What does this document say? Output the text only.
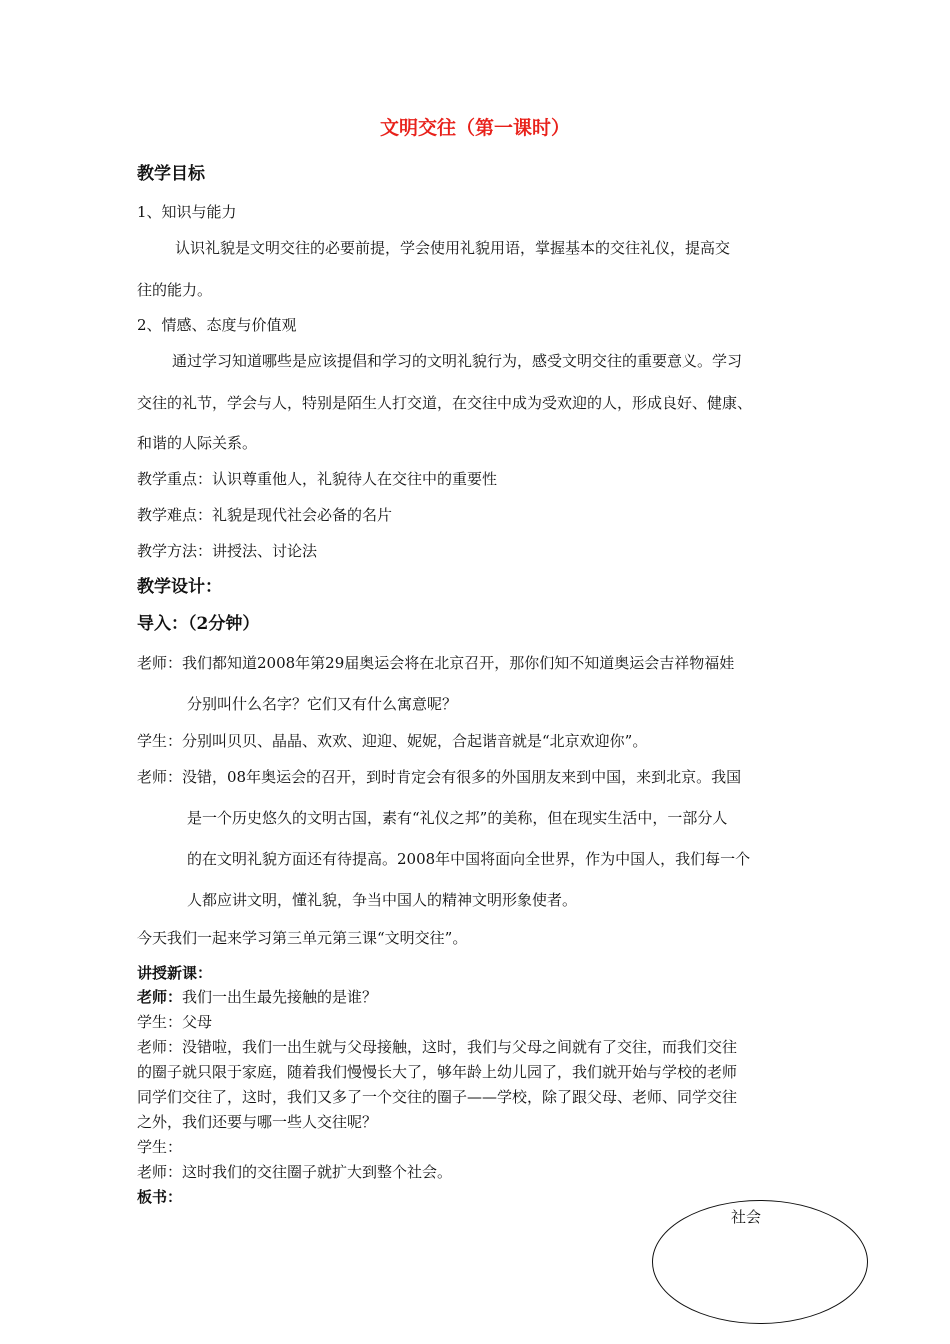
文明交往（第一课时）
教学目标
1、知识与能力
认识礼貌是文明交往的必要前提，学会使用礼貌用语，掌握基本的交往礼仪，提高交
往的能力。
2、情感、态度与价值观
通过学习知道哪些是应该提倡和学习的文明礼貌行为，感受文明交往的重要意义。学习
交往的礼节，学会与人，特别是陌生人打交道，在交往中成为受欢迎的人，形成良好、健康、
和谐的人际关系。
教学重点：认识尊重他人，礼貌待人在交往中的重要性
教学难点：礼貌是现代社会必备的名片
教学方法：讲授法、讨论法
教学设计：
导入：（2分钟）
老师：我们都知道2008年第29届奥运会将在北京召开，那你们知不知道奥运会吉祥物福娃
分别叫什么名字？它们又有什么寓意呢？
学生：分别叫贝贝、晶晶、欢欢、迎迎、妮妮，合起谐音就是“北京欢迎你”。
老师：没错，08年奥运会的召开，到时肯定会有很多的外国朋友来到中国，来到北京。我国
是一个历史悠久的文明古国，素有“礼仪之邦”的美称，但在现实生活中，一部分人
的在文明礼貌方面还有待提高。2008年中国将面向全世界，作为中国人，我们每一个
人都应讲文明，懂礼貌，争当中国人的精神文明形象使者。
今天我们一起来学习第三单元第三课“文明交往”。
讲授新课：
老师：我们一出生最先接触的是谁？
学生：父母
老师：没错啦，我们一出生就与父母接触，这时，我们与父母之间就有了交往，而我们交往
的圈子就只限于家庭，随着我们慢慢长大了，够年龄上幼儿园了，我们就开始与学校的老师
同学们交往了，这时，我们又多了一个交往的圈子——学校，除了跟父母、老师、同学交往
之外，我们还要与哪一些人交往呢？
学生：
老师：这时我们的交往圈子就扩大到整个社会。
板书：
社会
